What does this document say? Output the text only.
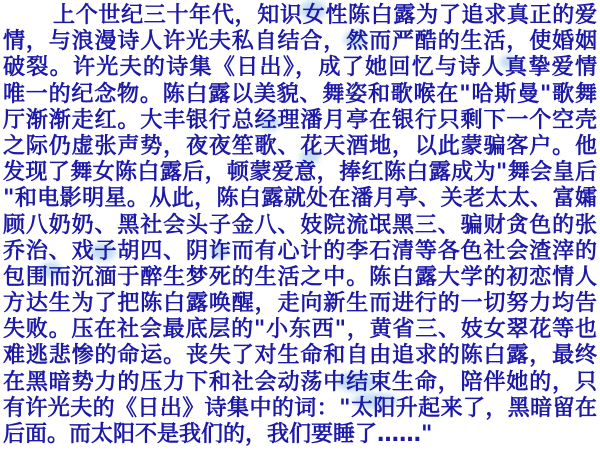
上个世纪三十年代，知识女性陈白露为了追求真正的爱
情，与浪漫诗人许光夫私自结合，然而严酷的生活，使婚姻
破裂。许光夫的诗集《日出》，成了她回忆与诗人真挚爱情
唯一的纪念物。陈白露以美貌、舞姿和歌喉在"哈斯曼"歌舞
厅渐渐走红。大丰银行总经理潘月亭在银行只剩下一个空壳
之际仍虚张声势，夜夜笙歌、花天酒地，以此蒙骗客户。他
发现了舞女陈白露后，顿蒙爱意，捧红陈白露成为"舞会皇后
"和电影明星。从此，陈白露就处在潘月亭、关老太太、富孀
顾八奶奶、黑社会头子金八、妓院流氓黑三、骗财贪色的张
乔治、戏子胡四、阴诈而有心计的李石清等各色社会渣滓的
包围而沉湎于醉生梦死的生活之中。陈白露大学的初恋情人
方达生为了把陈白露唤醒，走向新生而进行的一切努力均告
失败。压在社会最底层的"小东西"，黄省三、妓女翠花等也
难逃悲惨的命运。丧失了对生命和自由追求的陈白露，最终
在黑暗势力的压力下和社会动荡中结束生命，陪伴她的，只
有许光夫的《日出》诗集中的词："太阳升起来了，黑暗留在
后面。而太阳不是我们的，我们要睡了……"
